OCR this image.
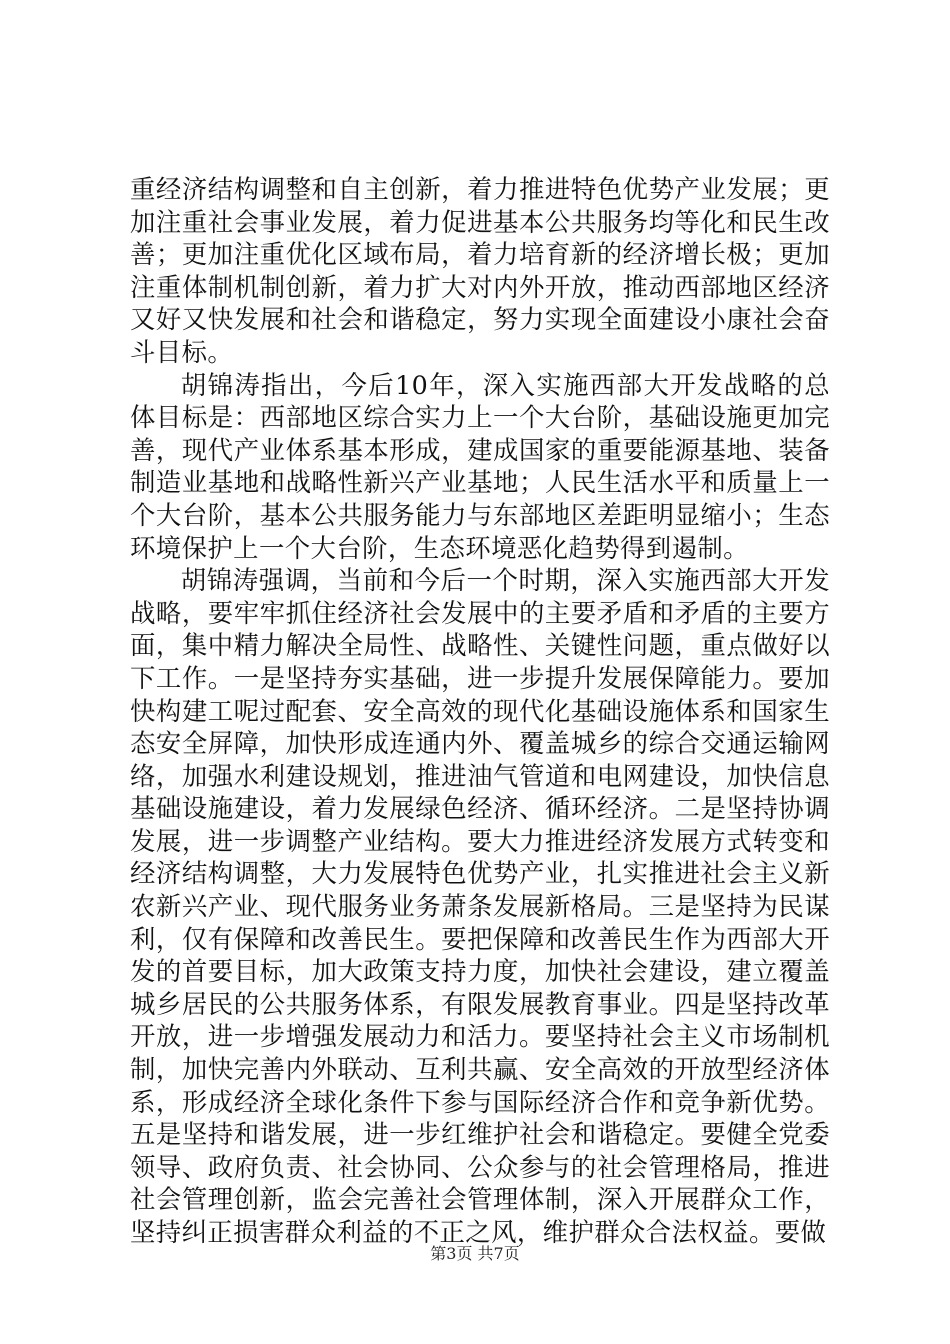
重经济结构调整和自主创新，着力推进特色优势产业发展；更加注重社会事业发展，着力促进基本公共服务均等化和民生改善；更加注重优化区域布局，着力培育新的经济增长极；更加注重体制机制创新，着力扩大对内外开放，推动西部地区经济又好又快发展和社会和谐稳定，努力实现全面建设小康社会奋斗目标。

胡锦涛指出，今后10年，深入实施西部大开发战略的总体目标是：西部地区综合实力上一个大台阶，基础设施更加完善，现代产业体系基本形成，建成国家的重要能源基地、装备制造业基地和战略性新兴产业基地；人民生活水平和质量上一个大台阶，基本公共服务能力与东部地区差距明显缩小；生态环境保护上一个大台阶，生态环境恶化趋势得到遏制。

胡锦涛强调，当前和今后一个时期，深入实施西部大开发战略，要牢牢抓住经济社会发展中的主要矛盾和矛盾的主要方面，集中精力解决全局性、战略性、关键性问题，重点做好以下工作。一是坚持夯实基础，进一步提升发展保障能力。要加快构建工呢过配套、安全高效的现代化基础设施体系和国家生态安全屏障，加快形成连通内外、覆盖城乡的综合交通运输网络，加强水利建设规划，推进油气管道和电网建设，加快信息基础设施建设，着力发展绿色经济、循环经济。二是坚持协调发展，进一步调整产业结构。要大力推进经济发展方式转变和经济结构调整，大力发展特色优势产业，扎实推进社会主义新农新兴产业、现代服务业务萧条发展新格局。三是坚持为民谋利，仅有保障和改善民生。要把保障和改善民生作为西部大开发的首要目标，加大政策支持力度，加快社会建设，建立覆盖城乡居民的公共服务体系，有限发展教育事业。四是坚持改革开放，进一步增强发展动力和活力。要坚持社会主义市场制机制，加快完善内外联动、互利共赢、安全高效的开放型经济体系，形成经济全球化条件下参与国际经济合作和竞争新优势。五是坚持和谐发展，进一步红维护社会和谐稳定。要健全党委领导、政府负责、社会协同、公众参与的社会管理格局，推进社会管理创新，监会完善社会管理体制，深入开展群众工作，坚持纠正损害群众利益的不正之风，维护群众合法权益。要做

第3页 共7页
